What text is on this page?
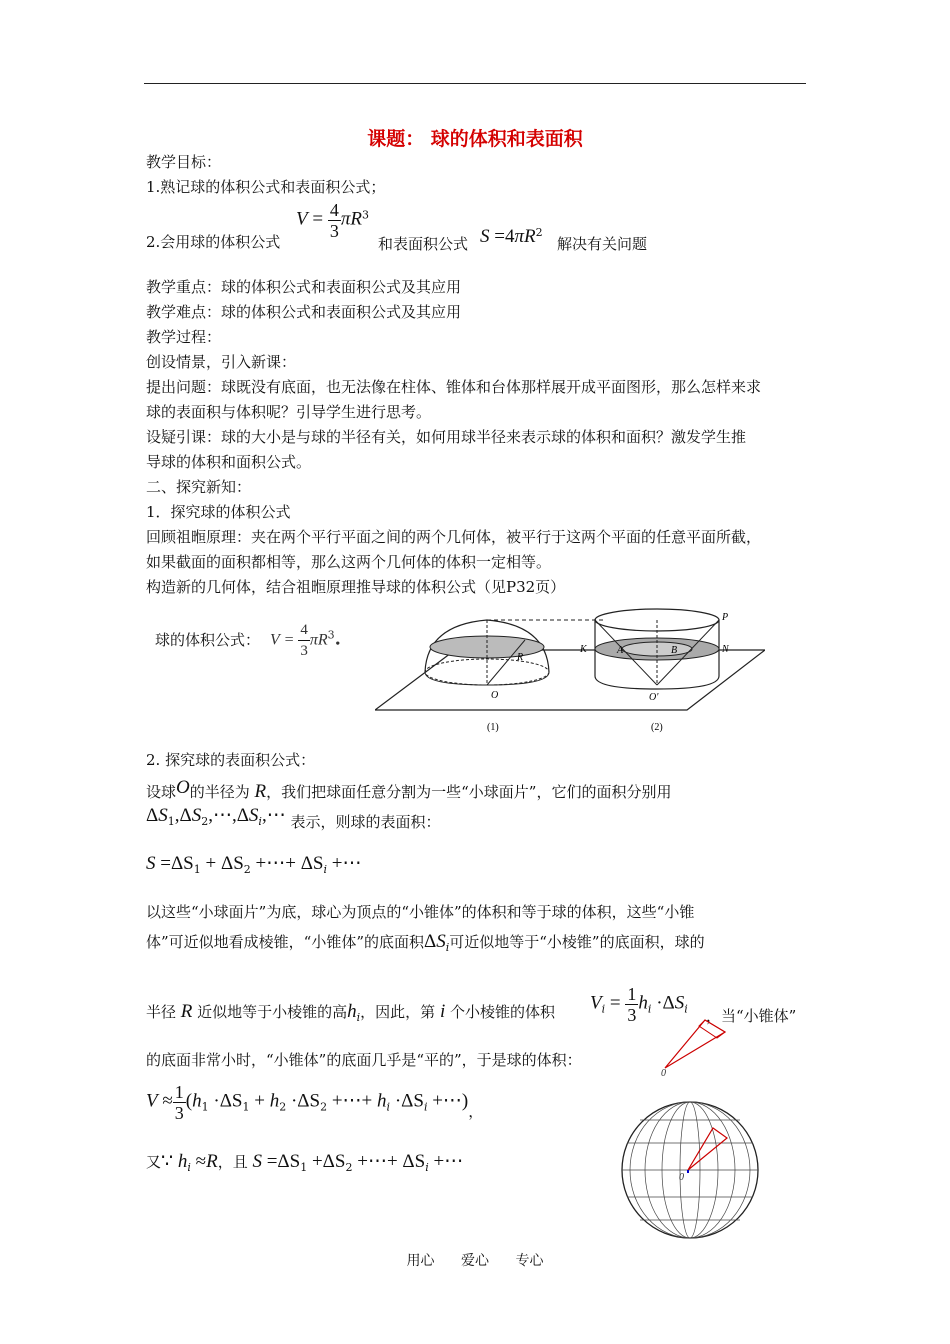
课题： 球的体积和表面积
教学目标：
1.熟记球的体积公式和表面积公式；
2.会用球的体积公式
$V = \frac{4}{3} \pi R^3$
和表面积公式 $S =4\pi R^2$
解决有关问题
教学重点：球的体积公式和表面积公式及其应用
教学难点：球的体积公式和表面积公式及其应用
教学过程：
创设情景，引入新课：
提出问题：球既没有底面，也无法像在柱体、锥体和台体那样展开成平面图形，那么怎样来求
球的表面积与体积呢？引导学生进行思考。
设疑引课：球的大小是与球的半径有关，如何用球半径来表示球的体积和面积？激发学生推
导球的体积和面积公式。
二、探究新知：
1．探究球的体积公式
回顾祖暅原理：夹在两个平行平面之间的两个几何体，被平行于这两个平面的任意平面所截，
如果截面的面积都相等，那么这两个几何体的体积一定相等。
构造新的几何体，结合祖暅原理推导球的体积公式（见P32页）
球的体积公式： $V = \frac{4}{3} \pi R^3$.
O
R
K
P
N
A	B
O'
(1)	(2)
2. 探究球的表面积公式：
设球O的半径为 R，我们把球面任意分割为一些“小球面片”，它们的面积分别用
$\Delta S_1,\Delta S_2,\cdots,\Delta S_i,\cdots$ 表示，则球的表面积：
$S =\Delta S_1 + \Delta S_2$ +⋯+ $\Delta S_i$ +⋯
以这些“小球面片”为底，球心为顶点的“小锥体”的体积和等于球的体积，这些“小锥
体”可近似地看成棱锥，“小锥体”的底面积$\Delta S_i$可近似地等于“小棱锥”的底面积，球的
半径 R 近似地等于小棱锥的高$h_i$，因此，第 i 个小棱锥的体积 $V_i = \frac{1}{3} h_i \cdot\Delta S_i$ ，当“小锥体”
0
的底面非常小时，“小锥体”的底面几乎是“平的”，于是球的体积：
$V \approx \frac{1}{3} (h_1 \cdot\Delta S_1 + h_2 \cdot\Delta S_2$ +⋯+ $h_i \cdot\Delta S_i$ +⋯)，
又∵ $h_i \approx R$，且 $S =\Delta S_1 +\Delta S_2$ +⋯+ $\Delta S_i$ +⋯
0
用心 爱心 专心
